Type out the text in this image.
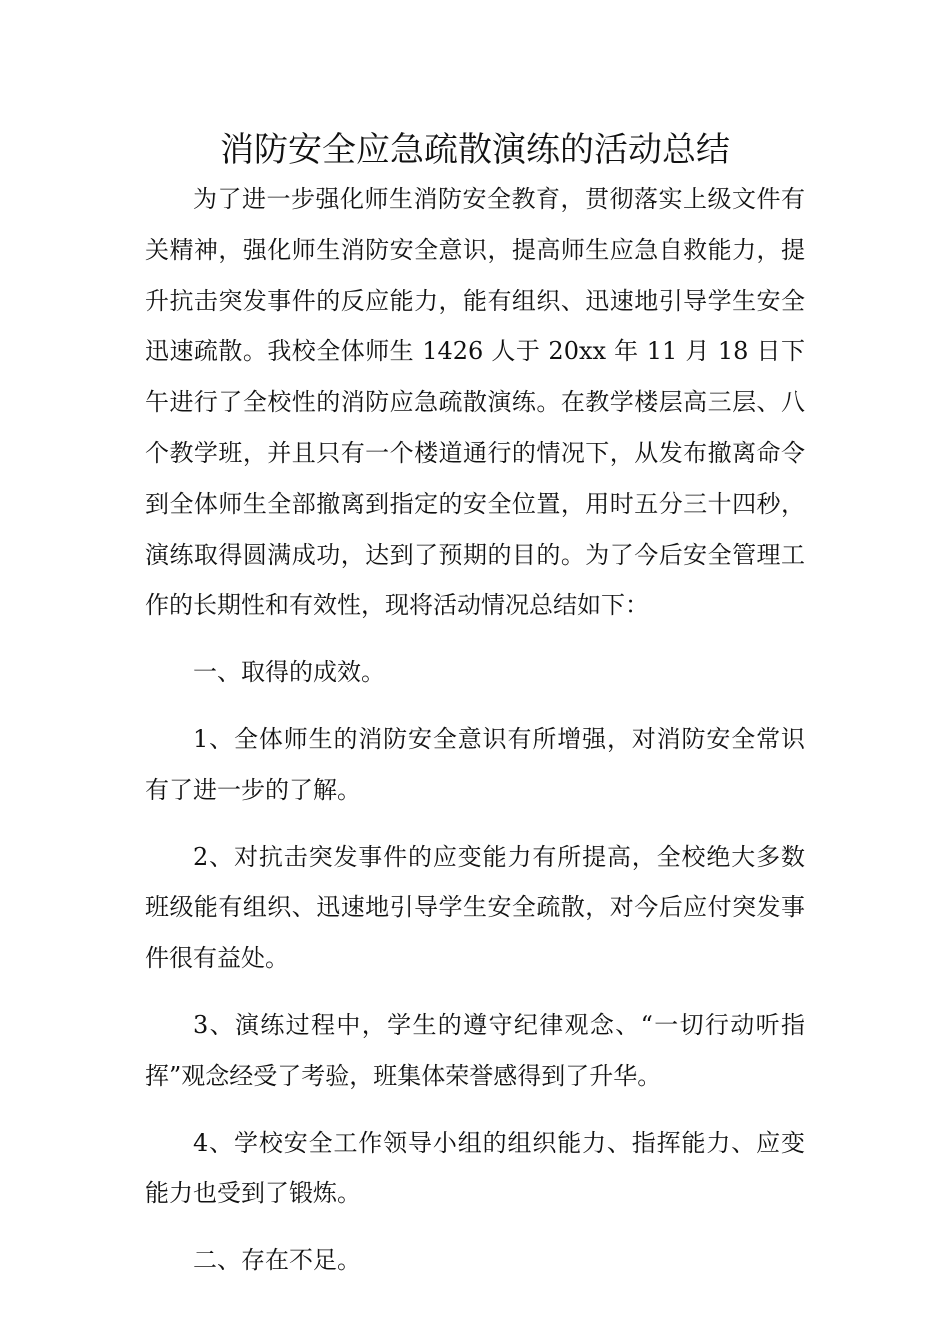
消防安全应急疏散演练的活动总结

为了进一步强化师生消防安全教育，贯彻落实上级文件有关精神，强化师生消防安全意识，提高师生应急自救能力，提升抗击突发事件的反应能力，能有组织、迅速地引导学生安全迅速疏散。我校全体师生 1426 人于 20xx 年 11 月 18 日下午进行了全校性的消防应急疏散演练。在教学楼层高三层、八个教学班，并且只有一个楼道通行的情况下，从发布撤离命令到全体师生全部撤离到指定的安全位置，用时五分三十四秒，演练取得圆满成功，达到了预期的目的。为了今后安全管理工作的长期性和有效性，现将活动情况总结如下：

一、取得的成效。

1、全体师生的消防安全意识有所增强，对消防安全常识有了进一步的了解。

2、对抗击突发事件的应变能力有所提高，全校绝大多数班级能有组织、迅速地引导学生安全疏散，对今后应付突发事件很有益处。

3、演练过程中，学生的遵守纪律观念、“一切行动听指挥”观念经受了考验，班集体荣誉感得到了升华。

4、学校安全工作领导小组的组织能力、指挥能力、应变能力也受到了锻炼。

二、存在不足。
